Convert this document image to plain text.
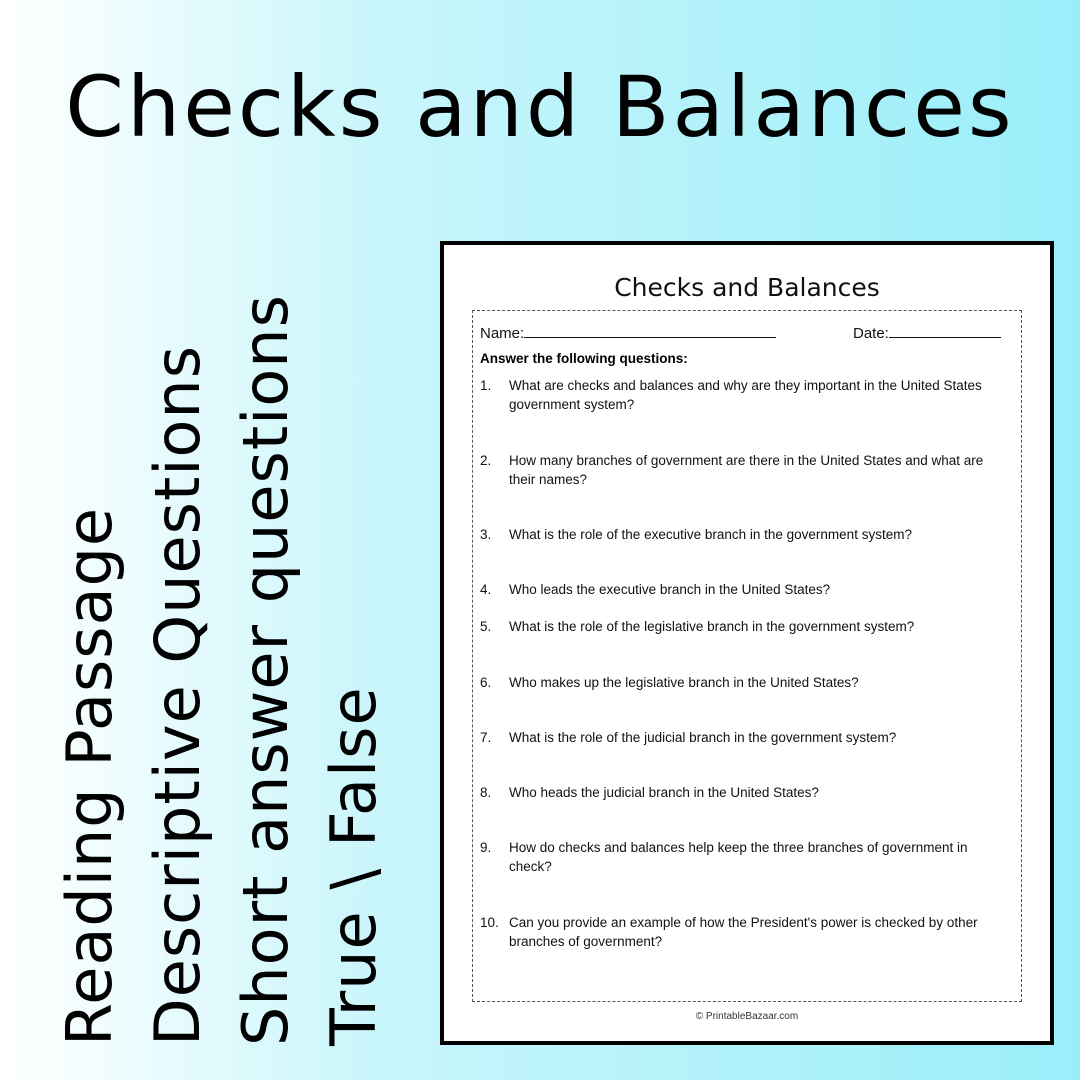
Checks and Balances
Reading Passage Descriptive Questions Short answer questions True \ False
Checks and Balances
Name:	Date:
Answer the following questions:
1. What are checks and balances and why are they important in the United States government system?
2. How many branches of government are there in the United States and what are their names?
3. What is the role of the executive branch in the government system?
4. Who leads the executive branch in the United States?
5. What is the role of the legislative branch in the government system?
6. Who makes up the legislative branch in the United States?
7. What is the role of the judicial branch in the government system?
8. Who heads the judicial branch in the United States?
9. How do checks and balances help keep the three branches of government in check?
10. Can you provide an example of how the President's power is checked by other branches of government?
© PrintableBazaar.com
